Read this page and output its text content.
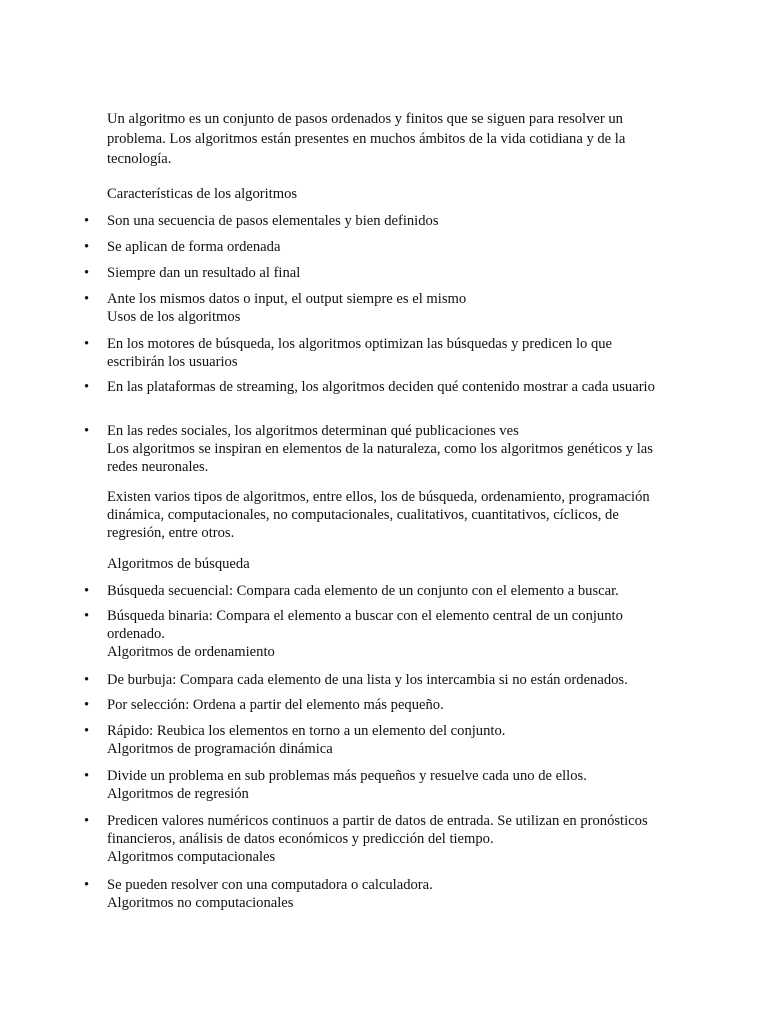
Un algoritmo es un conjunto de pasos ordenados y finitos que se siguen para resolver un problema. Los algoritmos están presentes en muchos ámbitos de la vida cotidiana y de la tecnología.

Características de los algoritmos

• Son una secuencia de pasos elementales y bien definidos
• Se aplican de forma ordenada
• Siempre dan un resultado al final
• Ante los mismos datos o input, el output siempre es el mismo
Usos de los algoritmos
• En los motores de búsqueda, los algoritmos optimizan las búsquedas y predicen lo que escribirán los usuarios
• En las plataformas de streaming, los algoritmos deciden qué contenido mostrar a cada usuario
• En las redes sociales, los algoritmos determinan qué publicaciones ves
Los algoritmos se inspiran en elementos de la naturaleza, como los algoritmos genéticos y las redes neuronales.

Existen varios tipos de algoritmos, entre ellos, los de búsqueda, ordenamiento, programación dinámica, computacionales, no computacionales, cualitativos, cuantitativos, cíclicos, de regresión, entre otros.

Algoritmos de búsqueda

• Búsqueda secuencial: Compara cada elemento de un conjunto con el elemento a buscar.
• Búsqueda binaria: Compara el elemento a buscar con el elemento central de un conjunto ordenado.
Algoritmos de ordenamiento
• De burbuja: Compara cada elemento de una lista y los intercambia si no están ordenados.
• Por selección: Ordena a partir del elemento más pequeño.
• Rápido: Reubica los elementos en torno a un elemento del conjunto.
Algoritmos de programación dinámica
• Divide un problema en sub problemas más pequeños y resuelve cada uno de ellos.
Algoritmos de regresión
• Predicen valores numéricos continuos a partir de datos de entrada. Se utilizan en pronósticos financieros, análisis de datos económicos y predicción del tiempo.
Algoritmos computacionales
• Se pueden resolver con una computadora o calculadora.
Algoritmos no computacionales
